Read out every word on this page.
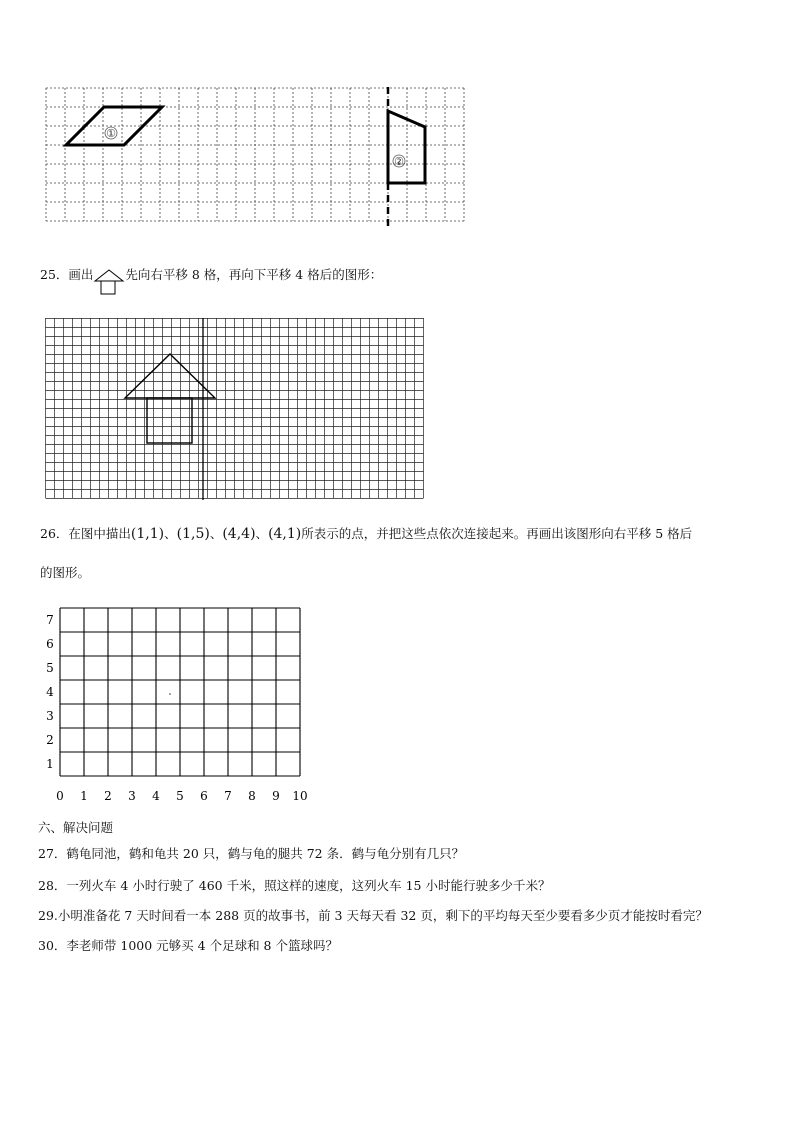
①
②
25．画出	先向右平移 8 格，再向下平移 4 格后的图形：
26．在图中描出(1,1)、(1,5)、(4,4)、(4,1)所表示的点，并把这些点依次连接起来。再画出该图形向右平移 5 格后
的图形。
0 1 2 3 4 5 6 7 8 9 10
1
2
3
4
5
6
7
六、解决问题
27．鹤龟同池，鹤和龟共 20 只，鹤与龟的腿共 72 条．鹤与龟分别有几只？
28．一列火车 4 小时行驶了 460 千米，照这样的速度，这列火车 15 小时能行驶多少千米？
29.小明准备花 7 天时间看一本 288 页的故事书，前 3 天每天看 32 页，剩下的平均每天至少要看多少页才能按时看完？
30．李老师带 1000 元够买 4 个足球和 8 个篮球吗？
